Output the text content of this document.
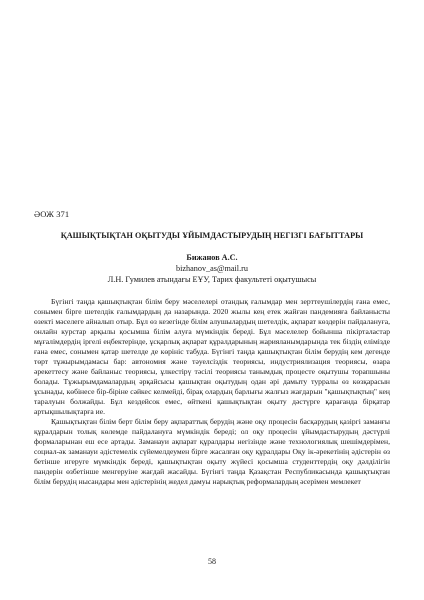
ӘОЖ 371
ҚАШЫҚТЫҚТАН ОҚЫТУДЫ ҰЙЫМДАСТЫРУДЫҢ НЕГІЗГІ БАҒЫТТАРЫ
Бижанов А.С.
bizhanov_as@mail.ru
Л.Н. Гумилев атындағы ЕҰУ, Тарих факультеті оқытушысы

Бүгінгі таңда қашықтықтан білім беру мәселелері отандық ғалымдар мен зерттеушілердің ғана емес, сонымен бірге шетелдік ғалымдардың да назарында. 2020 жылы кең етек жайған пандемияға байланысты өзекті мәселеге айналып отыр. Бұл өз кезегінде білім алушылардың шетелдік, ақпарат көздерін пайдалануға, онлайн курстар арқылы қосымша білім алуға мүмкіндік береді. Бұл мәселелер бойынша пікірталастар мұғалімдердің іргелі еңбектерінде, ұсқарлық ақпарат құралдарының жарияланымдарында тек біздің елімізде ғана емес, сонымен қатар шетелде де көрініс табуда. Бүгінгі таңда қашықтықтан білім берудің кем дегенде төрт тұжырымдамасы бар: автономия және тәуелсіздік теориясы, индустриялизация теориясы, өзара әрекеттесу және байланыс теориясы, ұлкестірү тәсілі теориясы танымдық процесте оқытушы торапшыны болады. Тұжырымдамалардың әрқайсысы қашықтан оқытудың одан әрі дамыту турралы өз көзқарасын ұсынады, көбінесе бір-біріне сәйкес келмейді, бірақ олардың барлығы жалғыз жағдарын "қашықтықтың" кең таралуын болжайды. Бұл кездейсок емес, өйткені қашықтықтан оқыту дәстүрге қарағанда бірқатар артықшылықтарға ие.

Қашықтықтан білім берт білім беру ақпараттық берудің және оқу процесін басқарудың қазіргі заманғы құралдарын толық көлемде пайдалануға мүмкіндік береді; ол оқу процесін ұйымдастырудың дәстүрлі формаларынан еш есе артады. Заманауи ақпарат құралдары негізінде және технологиялық шешімдерімен, социал-әк заманауи әдістемелік сүйемелдеумен бірге жасалған оқу құралдары Оқу ік-әрекетінің әдістерін өз бетінше игеруге мүмкіндік береді, қашықтықтан оқыту жүйесі қосымша студенттердің оқу дәлділігін пандерін өзбетінше менгеруіне жағдай жасайды. Бүгінгі таңда Қазақстан Республикасында қашықтықтан білім берудің нысандары мен әдістерінің жедел дамуы нарықтық реформалардың әсерімен мемлекет

58
